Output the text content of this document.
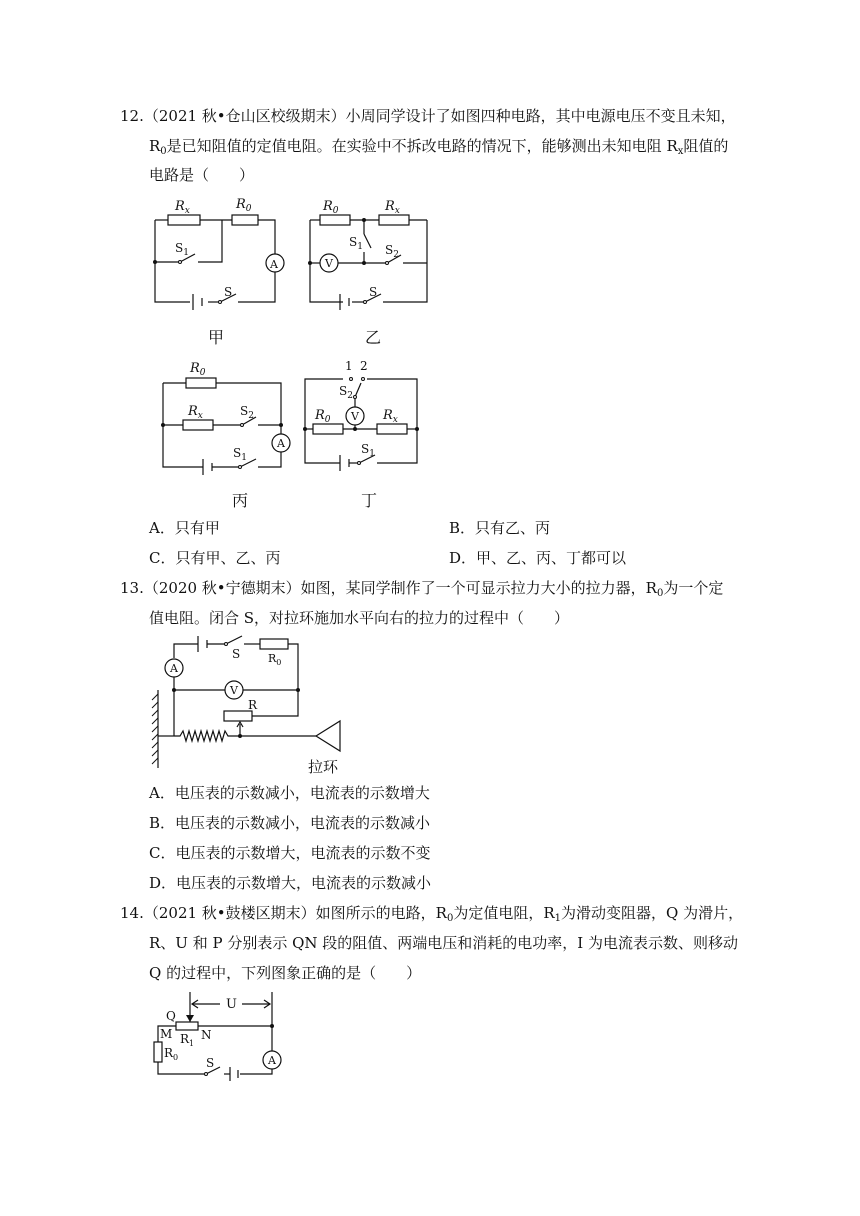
12.（2021 秋•仓山区校级期末）小周同学设计了如图四种电路，其中电源电压不变且未知，
$R_0$是已知阻值的定值电阻。在实验中不拆改电路的情况下，能够测出未知电阻 $R_x$阻值的
电路是（　　）
$R_x$	$R_0$
$S_1$
S
A
甲
$R_0$	$R_x$
$S_1$ $S_2$
S
V
乙
$R_0$
$R_x$	$S_2$
$S_1$
A
丙
1 2
$S_2$
$R_0$	$R_x$
$S_1$
V
丁
A．只有甲	B．只有乙、丙
C．只有甲、乙、丙	D．甲、乙、丙、丁都可以
13.（2020 秋•宁德期末）如图，某同学制作了一个可显示拉力大小的拉力器，$R_0$为一个定
值电阻。闭合 S，对拉环施加水平向右的拉力的过程中（　　）
A
V
S	$R_0$
R
拉环
A．电压表的示数减小，电流表的示数增大
B．电压表的示数减小，电流表的示数减小
C．电压表的示数增大，电流表的示数不变
D．电压表的示数增大，电流表的示数减小
14.（2021 秋•鼓楼区期末）如图所示的电路，$R_0$为定值电阻，$R_1$为滑动变阻器，Q 为滑片，
R、U 和 P 分别表示 QN 段的阻值、两端电压和消耗的电功率，I 为电流表示数、则移动
Q 的过程中，下列图象正确的是（　　）
U
Q
M N
$R_1$
$R_0$	A
S
